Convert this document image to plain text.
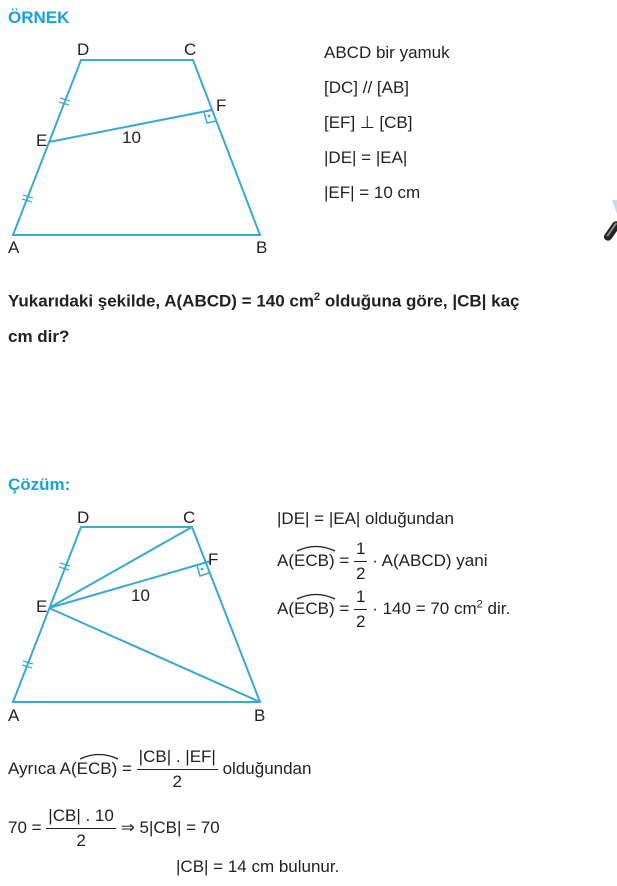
ÖRNEK
D	C
F
E	10
A	B
ABCD bir yamuk
[DC] // [AB]
[EF] ⊥ [CB]
|DE| = |EA|
|EF| = 10 cm
Yukarıdaki şekilde, A(ABCD) = 140 $cm^2$ olduğuna göre, |CB| kaç
cm dir?
Çözüm:
D	C
F
E
10
A	B
|DE| = |EA| olduğundan
A(
$ECB) = \frac{1}{2}$ · A(ABCD) yani
A(
$ECB) = \frac{1}{2} \cdot 140 = 70$ $cm^2$ dir.
Ayrıca A(
$ECB) = \frac{|CB| . |EF|}{2}$ olduğundan
$70 = \frac{|CB| . 10}{2}$ ⇒ 5|CB| = 70
|CB| = 14 cm bulunur.
